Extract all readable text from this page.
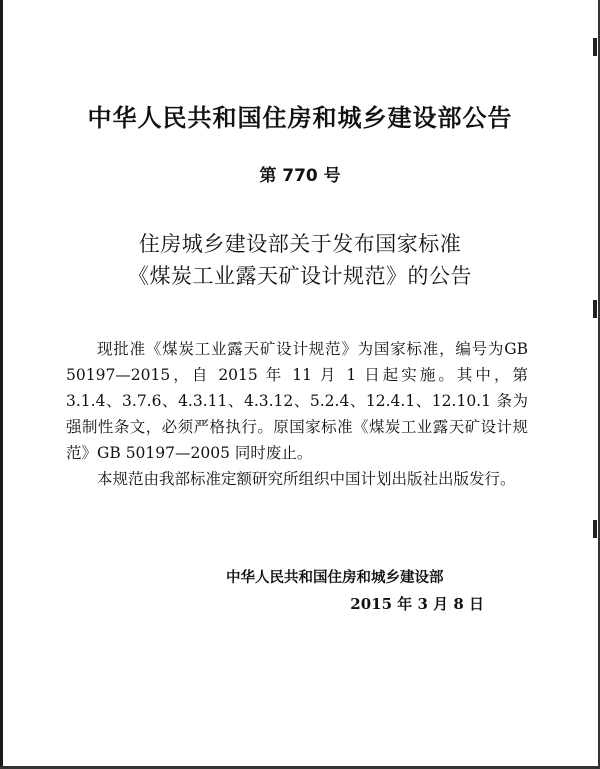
中华人民共和国住房和城乡建设部公告
第 770 号
住房城乡建设部关于发布国家标准
《煤炭工业露天矿设计规范》的公告

现批准《煤炭工业露天矿设计规范》为国家标准，编号为GB 50197—2015，自 2015 年 11 月 1 日起实施。其中，第 3.1.4、3.7.6、4.3.11、4.3.12、5.2.4、12.4.1、12.10.1 条为强制性条文，必须严格执行。原国家标准《煤炭工业露天矿设计规范》GB 50197—2005 同时废止。

本规范由我部标准定额研究所组织中国计划出版社出版发行。

中华人民共和国住房和城乡建设部
2015 年 3 月 8 日
